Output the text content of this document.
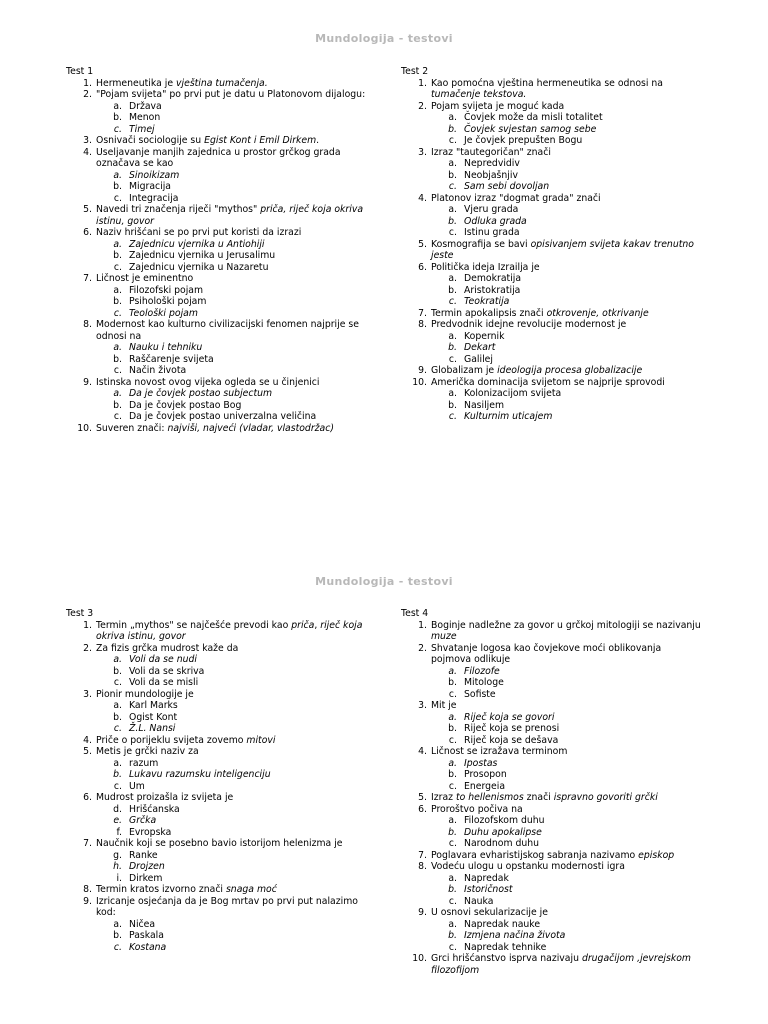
Mundologija - testovi
Mundologija - testovi
Test 1
1. Hermeneutika je vještina tumačenja.
2. "Pojam svijeta" po prvi put je datu u Platonovom dijalogu:
a. Država
b. Menon
c. Timej
3. Osnivači sociologije su Egist Kont i Emil Dirkem.
4. Useljavanje manjih zajednica u prostor grčkog grada označava se kao
a. Sinoikizam
b. Migracija
c. Integracija
5. Navedi tri značenja riječi "mythos" priča, riječ koja okriva istinu, govor
6. Naziv hrišćani se po prvi put koristi da izrazi
a. Zajednicu vjernika u Antiohiji
b. Zajednicu vjernika u Jerusalimu
c. Zajednicu vjernika u Nazaretu
7. Ličnost je eminentno
a. Filozofski pojam
b. Psihološki pojam
c. Teološki pojam
8. Modernost kao kulturno civilizacijski fenomen najprije se odnosi na
a. Nauku i tehniku
b. Raščarenje svijeta
c. Način života
9. Istinska novost ovog vijeka ogleda se u činjenici
a. Da je čovjek postao subjectum
b. Da je čovjek postao Bog
c. Da je čovjek postao univerzalna veličina
10. Suveren znači: najviši, najveći (vladar, vlastodržac)
Test 2
1. Kao pomoćna vještina hermeneutika se odnosi na tumačenje tekstova.
2. Pojam svijeta je moguć kada
a. Čovjek može da misli totalitet
b. Čovjek svjestan samog sebe
c. Je čovjek prepušten Bogu
3. Izraz "tautegoričan" znači
a. Nepredvidiv
b. Neobjašnjiv
c. Sam sebi dovoljan
4. Platonov izraz "dogmat grada" znači
a. Vjeru grada
b. Odluka grada
c. Istinu grada
5. Kosmografija se bavi opisivanjem svijeta kakav trenutno jeste
6. Politička ideja Izrailja je
a. Demokratija
b. Aristokratija
c. Teokratija
7. Termin apokalipsis znači otkrovenje, otkrivanje
8. Predvodnik idejne revolucije modernost je
a. Kopernik
b. Dekart
c. Galilej
9. Globalizam je ideologija procesa globalizacije
10. Američka dominacija svijetom se najprije sprovodi
a. Kolonizacijom svijeta
b. Nasiljem
c. Kulturnim uticajem
Test 3
1. Termin „mythos" se najčešće prevodi kao priča, riječ koja okriva istinu, govor
2. Za fizis grčka mudrost kaže da
a. Voli da se nudi
b. Voli da se skriva
c. Voli da se misli
3. Pionir mundologije je
a. Karl Marks
b. Ogist Kont
c. Ž.L. Nansi
4. Priče o porijeklu svijeta zovemo mitovi
5. Metis je grčki naziv za
a. razum
b. Lukavu razumsku inteligenciju
c. Um
6. Mudrost proizašla iz svijeta je
d. Hrišćanska
e. Grčka
f. Evropska
7. Naučnik koji se posebno bavio istorijom helenizma je
g. Ranke
h. Drojzen
i. Dirkem
8. Termin kratos izvorno znači snaga moć
9. Izricanje osjećanja da je Bog mrtav po prvi put nalazimo kod:
a. Ničea
b. Paskala
c. Kostana
Test 4
1. Boginje nadležne za govor u grčkoj mitologiji se nazivanju muze
2. Shvatanje logosa kao čovjekove moći oblikovanja pojmova odlikuje
a. Filozofe
b. Mitologe
c. Sofiste
3. Mit je
a. Riječ koja se govori
b. Riječ koja se prenosi
c. Riječ koja se dešava
4. Ličnost se izražava terminom
a. Ipostas
b. Prosopon
c. Energeia
5. Izraz to hellenismos znači ispravno govoriti grčki
6. Proroštvo počiva na
a. Filozofskom duhu
b. Duhu apokalipse
c. Narodnom duhu
7. Poglavara evharistijskog sabranja nazivamo episkop
8. Vodeću ulogu u opstanku modernosti igra
a. Napredak
b. Istoričnost
c. Nauka
9. U osnovi sekularizacije je
a. Napredak nauke
b. Izmjena načina života
c. Napredak tehnike
10. Grci hrišćanstvo isprva nazivaju drugačijom ,jevrejskom filozofijom
